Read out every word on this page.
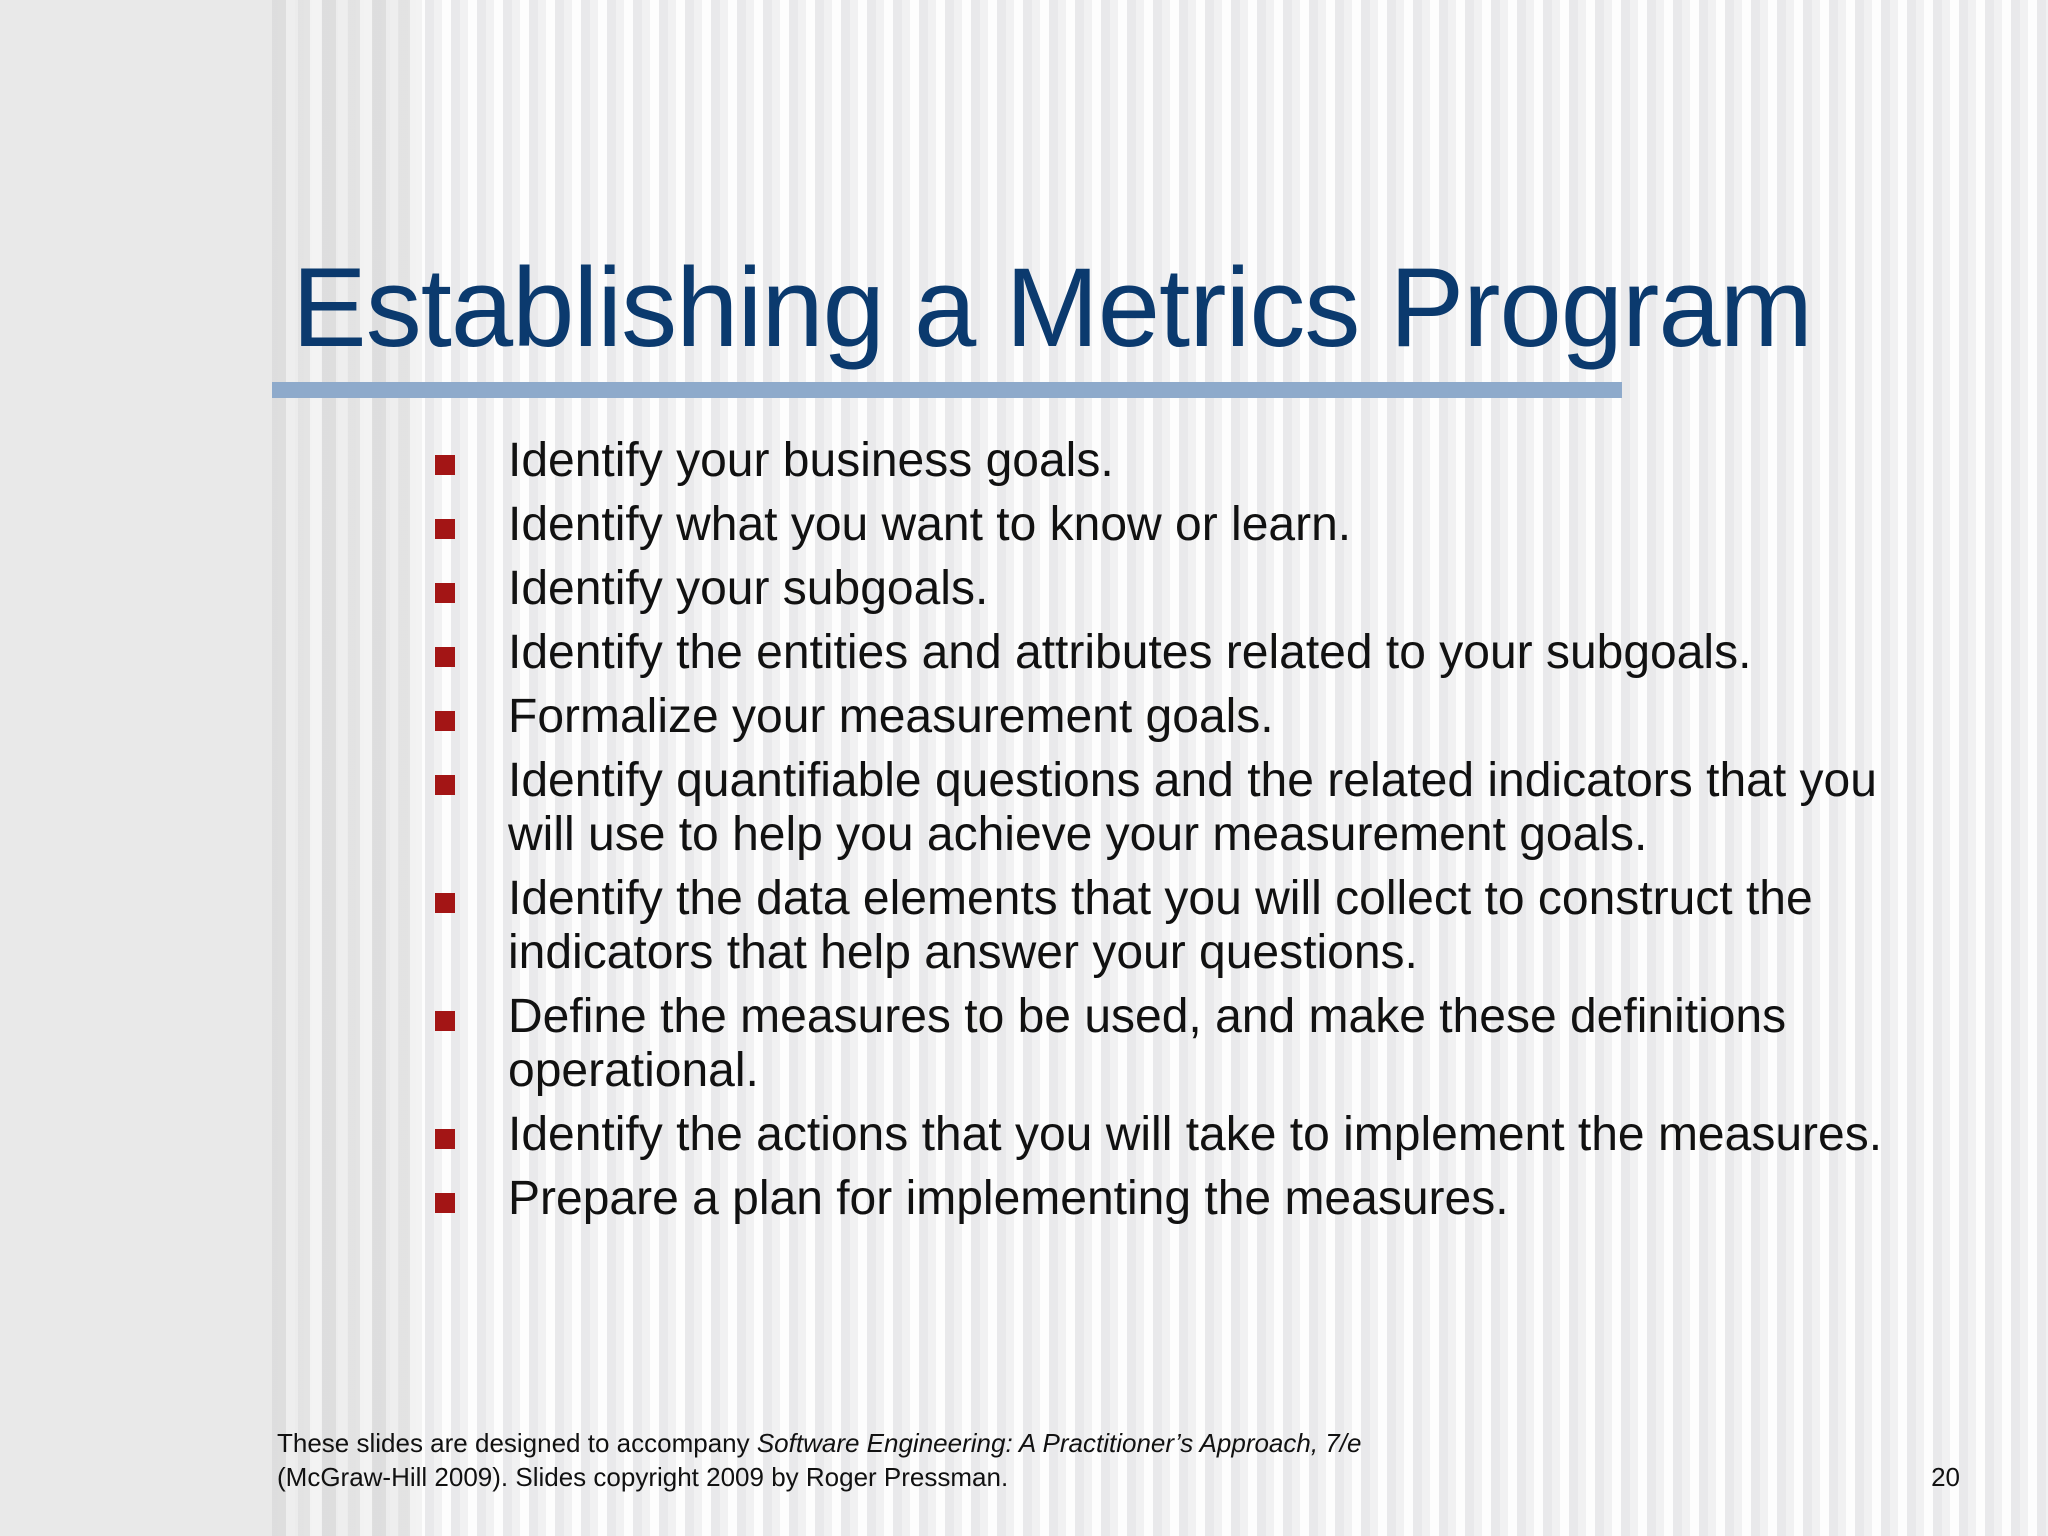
Establishing a Metrics Program
Identify your business goals.
Identify what you want to know or learn.
Identify your subgoals.
Identify the entities and attributes related to your subgoals.
Formalize your measurement goals.
Identify quantifiable questions and the related indicators that you will use to help you achieve your measurement goals.
Identify the data elements that you will collect to construct the indicators that help answer your questions.
Define the measures to be used, and make these definitions operational.
Identify the actions that you will take to implement the measures.
Prepare a plan for implementing the measures.
These slides are designed to accompany Software Engineering: A Practitioner’s Approach, 7/e
(McGraw-Hill 2009). Slides copyright 2009 by Roger Pressman.	20
